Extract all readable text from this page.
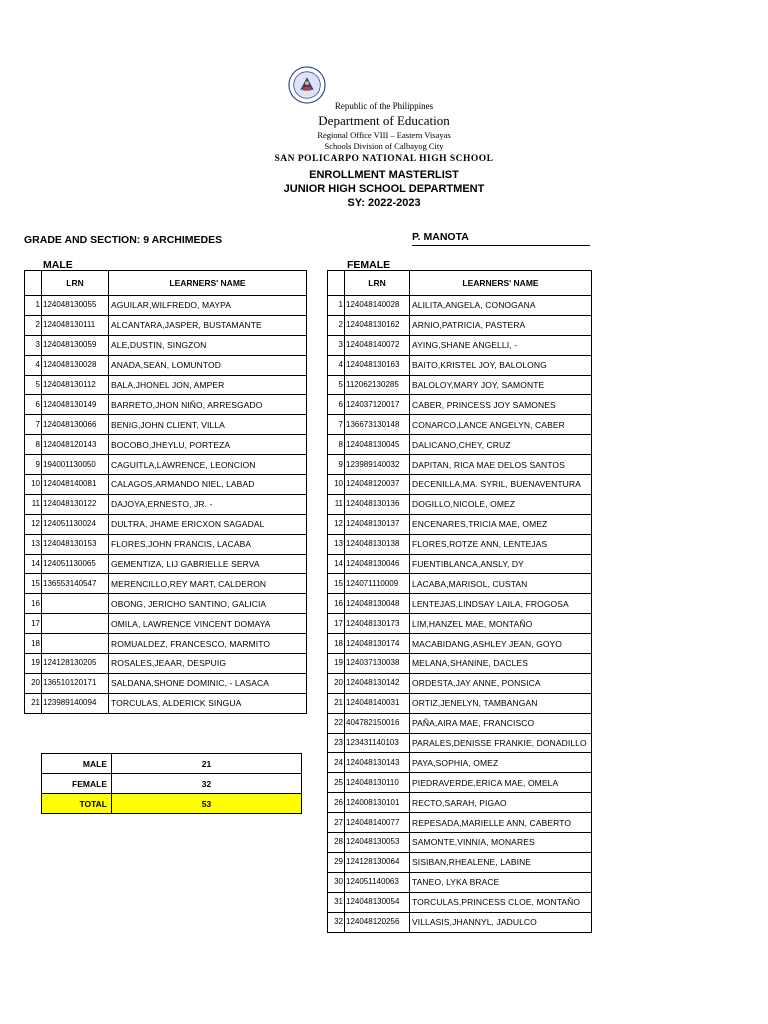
Republic of the Philippines
Department of Education
Regional Office VIII – Eastern Visayas
Schools Division of Calbayog City
SAN POLICARPO NATIONAL HIGH SCHOOL
ENROLLMENT MASTERLIST
JUNIOR HIGH SCHOOL DEPARTMENT
SY: 2022-2023
GRADE AND SECTION: 9 ARCHIMEDES	P. MANOTA
MALE	FEMALE
	LRN	LEARNERS' NAME
1	124048130055	AGUILAR,WILFREDO, MAYPA
2	124048130111	ALCANTARA,JASPER, BUSTAMANTE
3	124048130059	ALE,DUSTIN, SINGZON
4	124048130028	ANADA,SEAN, LOMUNTOD
5	124048130112	BALA,JHONEL JON, AMPER
6	124048130149	BARRETO,JHON NIÑO, ARRESGADO
7	124048130066	BENIG,JOHN CLIENT, VILLA
8	124048120143	BOCOBO,JHEYLU, PORTEZA
9	194001130050	CAGUITLA,LAWRENCE, LEONCION
10	124048140081	CALAGOS,ARMANDO NIEL, LABAD
11	124048130122	DAJOYA,ERNESTO, JR. -
12	124051130024	DULTRA, JHAME ERICXON SAGADAL
13	124048130153	FLORES,JOHN FRANCIS, LACABA
14	124051130065	GEMENTIZA, LIJ GABRIELLE SERVA
15	136553140547	MERENCILLO,REY MART, CALDERON
16		OBONG, JERICHO SANTINO, GALICIA
17		OMILA, LAWRENCE VINCENT DOMAYA
18		ROMUALDEZ, FRANCESCO, MARMITO
19	124128130205	ROSALES,JEAAR, DESPUIG
20	136510120171	SALDANA,SHONE DOMINIC, - LASACA
21	123989140094	TORCULAS, ALDERICK SINGUA
	LRN	LEARNERS' NAME
1	124048140028	ALILITA,ANGELA, CONOGANA
2	124048130162	ARNIO,PATRICIA, PASTERA
3	124048140072	AYING,SHANE ANGELLI, -
4	124048130163	BAITO,KRISTEL JOY, BALOLONG
5	112062130285	BALOLOY,MARY JOY, SAMONTE
6	124037120017	CABER, PRINCESS JOY SAMONES
7	136673130148	CONARCO,LANCE ANGELYN, CABER
8	124048130045	DALICANO,CHEY, CRUZ
9	123989140032	DAPITAN, RICA MAE DELOS SANTOS
10	124048120037	DECENILLA,MA. SYRIL, BUENAVENTURA
11	124048130136	DOGILLO,NICOLE, OMEZ
12	124048130137	ENCENARES,TRICIA MAE, OMEZ
13	124048130138	FLORES,ROTZE ANN, LENTEJAS
14	124048130046	FUENTIBLANCA,ANSLY, DY
15	124071110009	LACABA,MARISOL, CUSTAN
16	124048130048	LENTEJAS,LINDSAY LAILA, FROGOSA
17	124048130173	LIM,HANZEL MAE, MONTAÑO
18	124048130174	MACABIDANG,ASHLEY JEAN, GOYO
19	124037130038	MELANA,SHANINE, DACLES
20	124048130142	ORDESTA,JAY ANNE, PONSICA
21	124048140031	ORTIZ,JENELYN, TAMBANGAN
22	404782150016	PAÑA,AIRA MAE, FRANCISCO
23	123431140103	PARALES,DENISSE FRANKIE, DONADILLO
24	124048130143	PAYA,SOPHIA, OMEZ
25	124048130110	PIEDRAVERDE,ERICA MAE, OMELA
26	124008130101	RECTO,SARAH, PIGAO
27	124048140077	REPESADA,MARIELLE ANN, CABERTO
28	124048130053	SAMONTE,VINNIA, MONARES
29	124128130064	SISIBAN,RHEALENE, LABINE
30	124051140063	TANEO, LYKA BRACE
31	124048130054	TORCULAS,PRINCESS CLOE, MONTAÑO
32	124048120256	VILLASIS,JHANNYL, JADULCO
MALE	21
FEMALE	32
TOTAL	53
